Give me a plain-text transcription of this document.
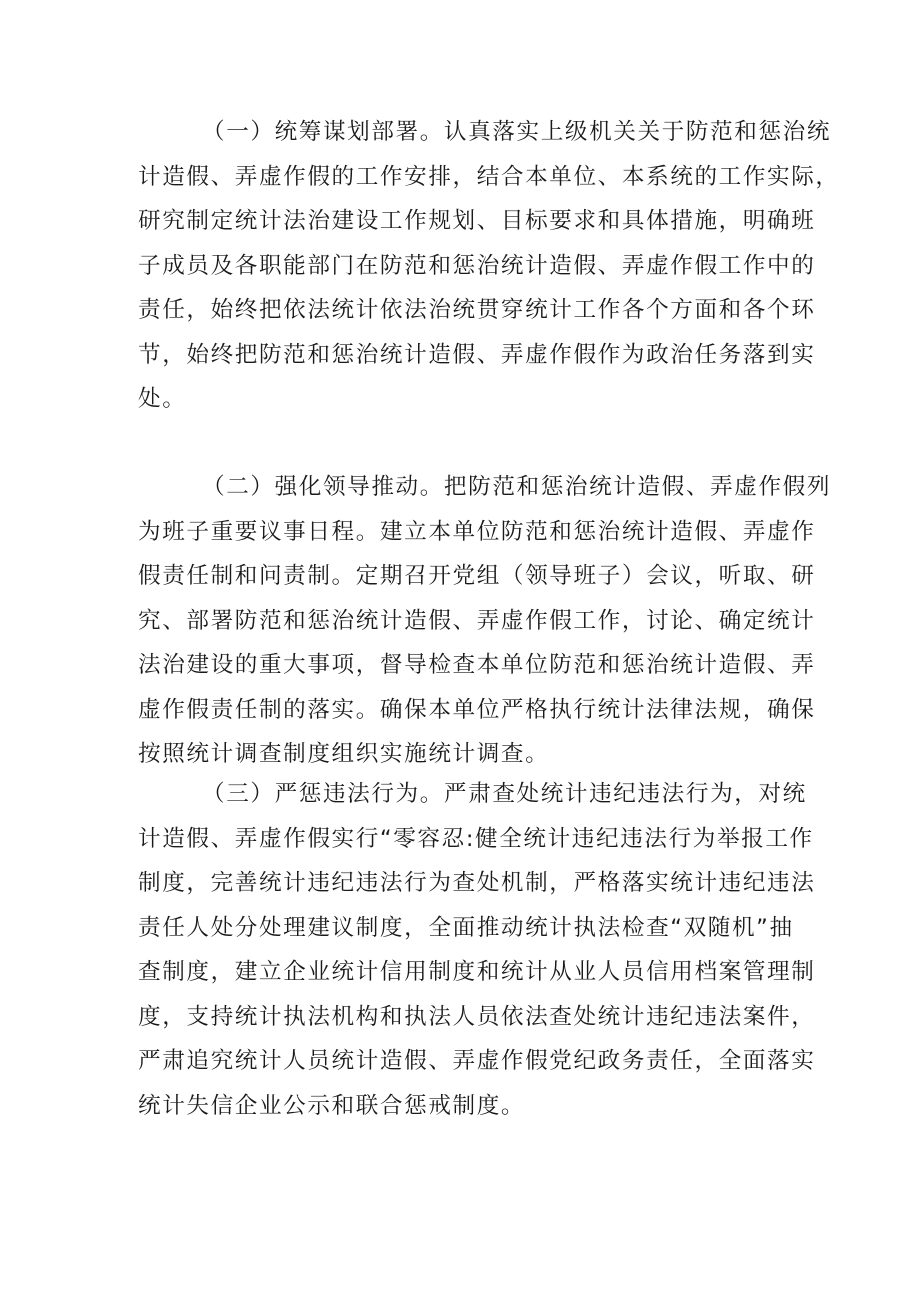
（一）统筹谋划部署。认真落实上级机关关于防范和惩治统
计造假、弄虚作假的工作安排，结合本单位、本系统的工作实际，
研究制定统计法治建设工作规划、目标要求和具体措施，明确班
子成员及各职能部门在防范和惩治统计造假、弄虚作假工作中的
责任，始终把依法统计依法治统贯穿统计工作各个方面和各个环
节，始终把防范和惩治统计造假、弄虚作假作为政治任务落到实
处。
（二）强化领导推动。把防范和惩治统计造假、弄虚作假列
为班子重要议事日程。建立本单位防范和惩治统计造假、弄虚作
假责任制和问责制。定期召开党组（领导班子）会议，听取、研
究、部署防范和惩治统计造假、弄虚作假工作，讨论、确定统计
法治建设的重大事项，督导检查本单位防范和惩治统计造假、弄
虚作假责任制的落实。确保本单位严格执行统计法律法规，确保
按照统计调查制度组织实施统计调查。
（三）严惩违法行为。严肃查处统计违纪违法行为，对统
计造假、弄虚作假实行“零容忍:健全统计违纪违法行为举报工作
制度，完善统计违纪违法行为查处机制，严格落实统计违纪违法
责任人处分处理建议制度，全面推动统计执法检查“双随机”抽
查制度，建立企业统计信用制度和统计从业人员信用档案管理制
度，支持统计执法机构和执法人员依法查处统计违纪违法案件，
严肃追究统计人员统计造假、弄虚作假党纪政务责任，全面落实
统计失信企业公示和联合惩戒制度。
